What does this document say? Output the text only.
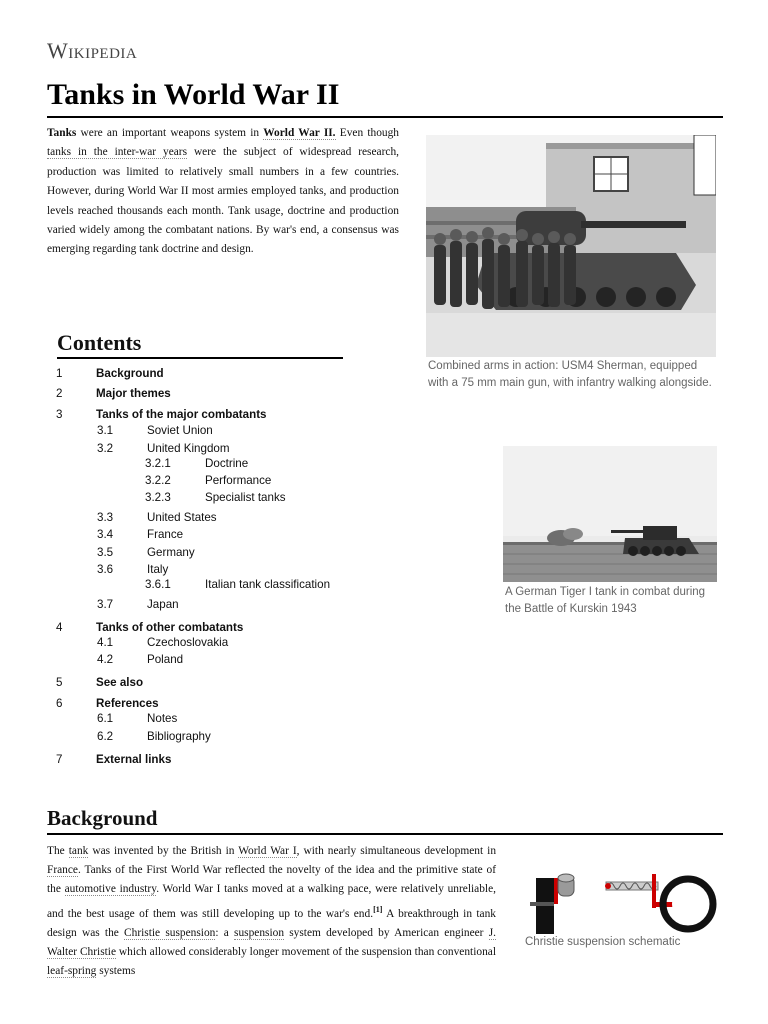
Wikipedia
Tanks in World War II

Tanks were an important weapons system in World War II. Even though tanks in the inter-war years were the subject of widespread research, production was limited to relatively small numbers in a few countries. However, during World War II most armies employed tanks, and production levels reached thousands each month. Tank usage, doctrine and production varied widely among the combatant nations. By war's end, a consensus was emerging regarding tank doctrine and design.

Combined arms in action: USM4 Sherman, equipped with a 75 mm main gun, with infantry walking alongside.
A German Tiger I tank in combat during the Battle of Kurskin 1943
Contents
1	Background
2	Major themes
3	Tanks of the major combatants
3.1	Soviet Union
3.2	United Kingdom
3.2.1	Doctrine
3.2.2	Performance
3.2.3	Specialist tanks
3.3	United States
3.4	France
3.5	Germany
3.6	Italy
3.6.1	Italian tank classification
3.7	Japan
4	Tanks of other combatants
4.1	Czechoslovakia
4.2	Poland
5	See also
6	References
6.1	Notes
6.2	Bibliography
7	External links
Background

The tank was invented by the British in World War I, with nearly simultaneous development in France. Tanks of the First World War reflected the novelty of the idea and the primitive state of the automotive industry. World War I tanks moved at a walking pace, were relatively unreliable, and the best usage of them was still developing up to the war's end.[1] A breakthrough in tank design was the Christie suspension: a suspension system developed by American engineer J. Walter Christie which allowed considerably longer movement of the suspension than conventional leaf-spring systems

Christie suspension schematic
